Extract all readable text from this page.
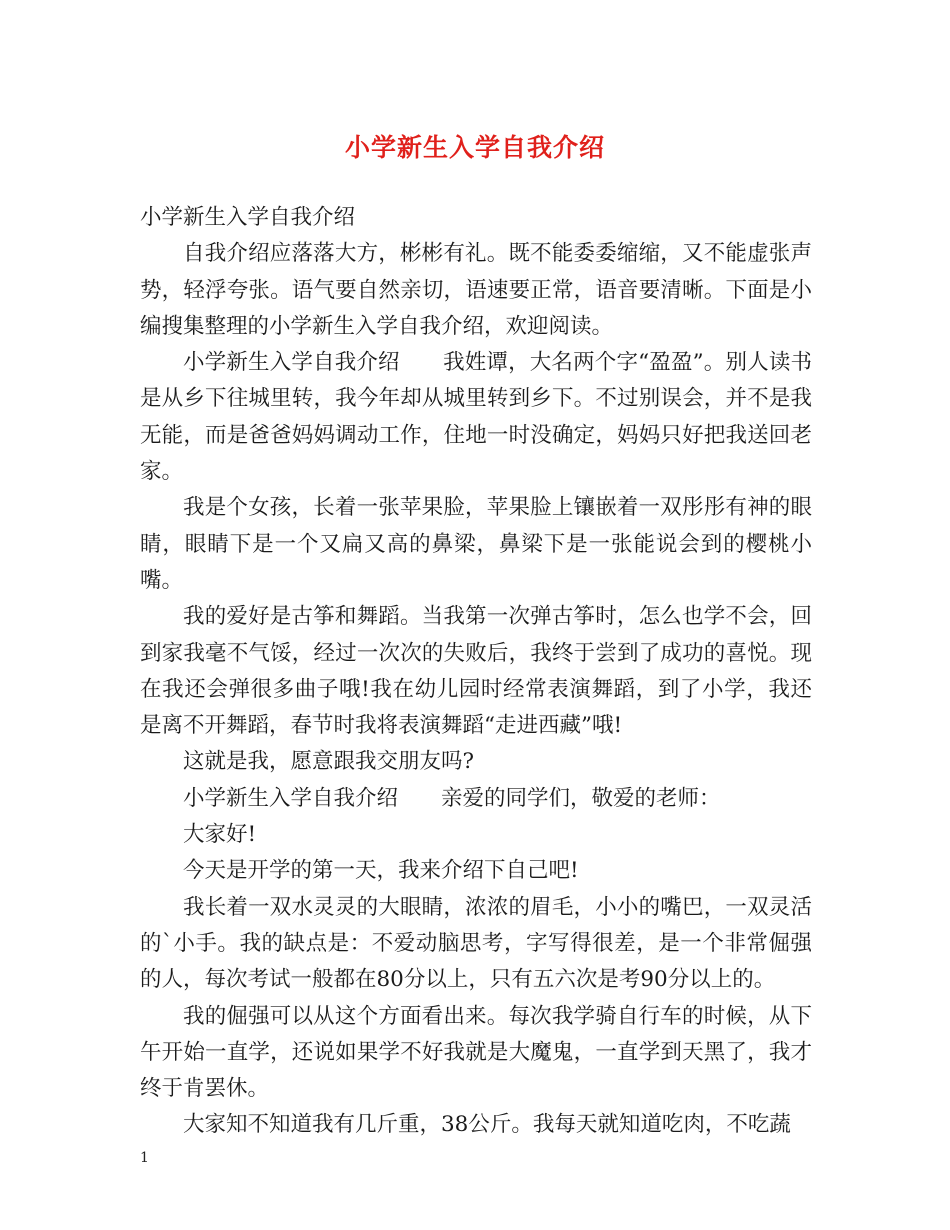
小学新生入学自我介绍

小学新生入学自我介绍

自我介绍应落落大方，彬彬有礼。既不能委委缩缩，又不能虚张声势，轻浮夸张。语气要自然亲切，语速要正常，语音要清晰。下面是小编搜集整理的小学新生入学自我介绍，欢迎阅读。

小学新生入学自我介绍　　我姓谭，大名两个字“盈盈”。别人读书是从乡下往城里转，我今年却从城里转到乡下。不过别误会，并不是我无能，而是爸爸妈妈调动工作，住地一时没确定，妈妈只好把我送回老家。

我是个女孩，长着一张苹果脸，苹果脸上镶嵌着一双彤彤有神的眼睛，眼睛下是一个又扁又高的鼻梁，鼻梁下是一张能说会到的樱桃小嘴。

我的爱好是古筝和舞蹈。当我第一次弹古筝时，怎么也学不会，回到家我毫不气馁，经过一次次的失败后，我终于尝到了成功的喜悦。现在我还会弹很多曲子哦!我在幼儿园时经常表演舞蹈，到了小学，我还是离不开舞蹈，春节时我将表演舞蹈“走进西藏”哦!

这就是我，愿意跟我交朋友吗?

小学新生入学自我介绍　　亲爱的同学们，敬爱的老师：

大家好!

今天是开学的第一天，我来介绍下自己吧!

我长着一双水灵灵的大眼睛，浓浓的眉毛，小小的嘴巴，一双灵活的`小手。我的缺点是：不爱动脑思考，字写得很差，是一个非常倔强的人，每次考试一般都在80分以上，只有五六次是考90分以上的。

我的倔强可以从这个方面看出来。每次我学骑自行车的时候，从下午开始一直学，还说如果学不好我就是大魔鬼，一直学到天黑了，我才终于肯罢休。

大家知不知道我有几斤重，38公斤。我每天就知道吃肉，不吃蔬

1
